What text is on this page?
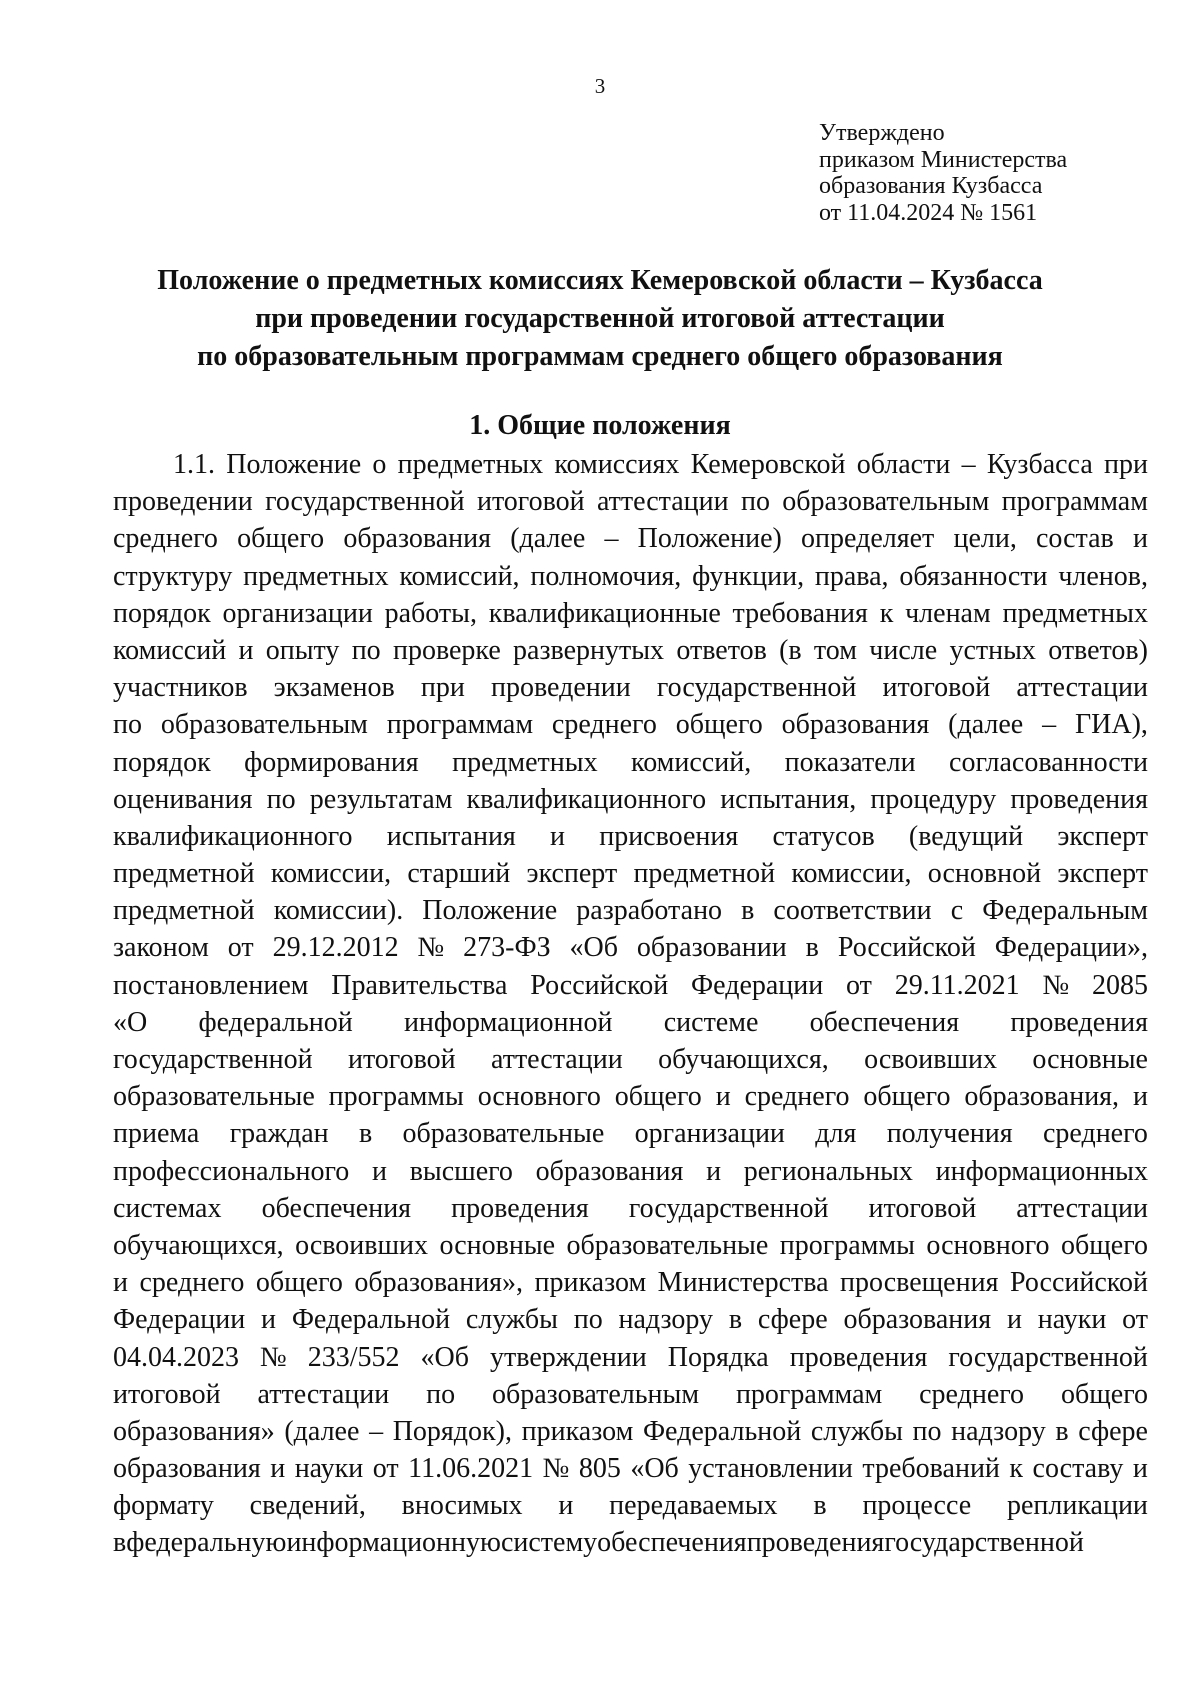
3
Утверждено
приказом Министерства
образования Кузбасса
от 11.04.2024 № 1561
Положение о предметных комиссиях Кемеровской области – Кузбасса
при проведении государственной итоговой аттестации
по образовательным программам среднего общего образования
1. Общие положения
1.1. Положение о предметных комиссиях Кемеровской области – Кузбасса при
проведении государственной итоговой аттестации по образовательным программам
среднего общего образования (далее – Положение) определяет цели, состав и
структуру предметных комиссий, полномочия, функции, права, обязанности членов,
порядок организации работы, квалификационные требования к членам предметных
комиссий и опыту по проверке развернутых ответов (в том числе устных ответов)
участников экзаменов при проведении государственной итоговой аттестации
по образовательным программам среднего общего образования (далее – ГИА),
порядок формирования предметных комиссий, показатели согласованности
оценивания по результатам квалификационного испытания, процедуру проведения
квалификационного испытания и присвоения статусов (ведущий эксперт
предметной комиссии, старший эксперт предметной комиссии, основной эксперт
предметной комиссии). Положение разработано в соответствии с Федеральным
законом от 29.12.2012 № 273-ФЗ «Об образовании в Российской Федерации»,
постановлением Правительства Российской Федерации от 29.11.2021 № 2085
«О федеральной информационной системе обеспечения проведения
государственной итоговой аттестации обучающихся, освоивших основные
образовательные программы основного общего и среднего общего образования, и
приема граждан в образовательные организации для получения среднего
профессионального и высшего образования и региональных информационных
системах обеспечения проведения государственной итоговой аттестации
обучающихся, освоивших основные образовательные программы основного общего
и среднего общего образования», приказом Министерства просвещения Российской
Федерации и Федеральной службы по надзору в сфере образования и науки от
04.04.2023 № 233/552 «Об утверждении Порядка проведения государственной
итоговой аттестации по образовательным программам среднего общего
образования» (далее – Порядок), приказом Федеральной службы по надзору в сфере
образования и науки от 11.06.2021 № 805 «Об установлении требований к составу и
формату сведений, вносимых и передаваемых в процессе репликации
в федеральную информационную систему обеспечения проведения государственной
